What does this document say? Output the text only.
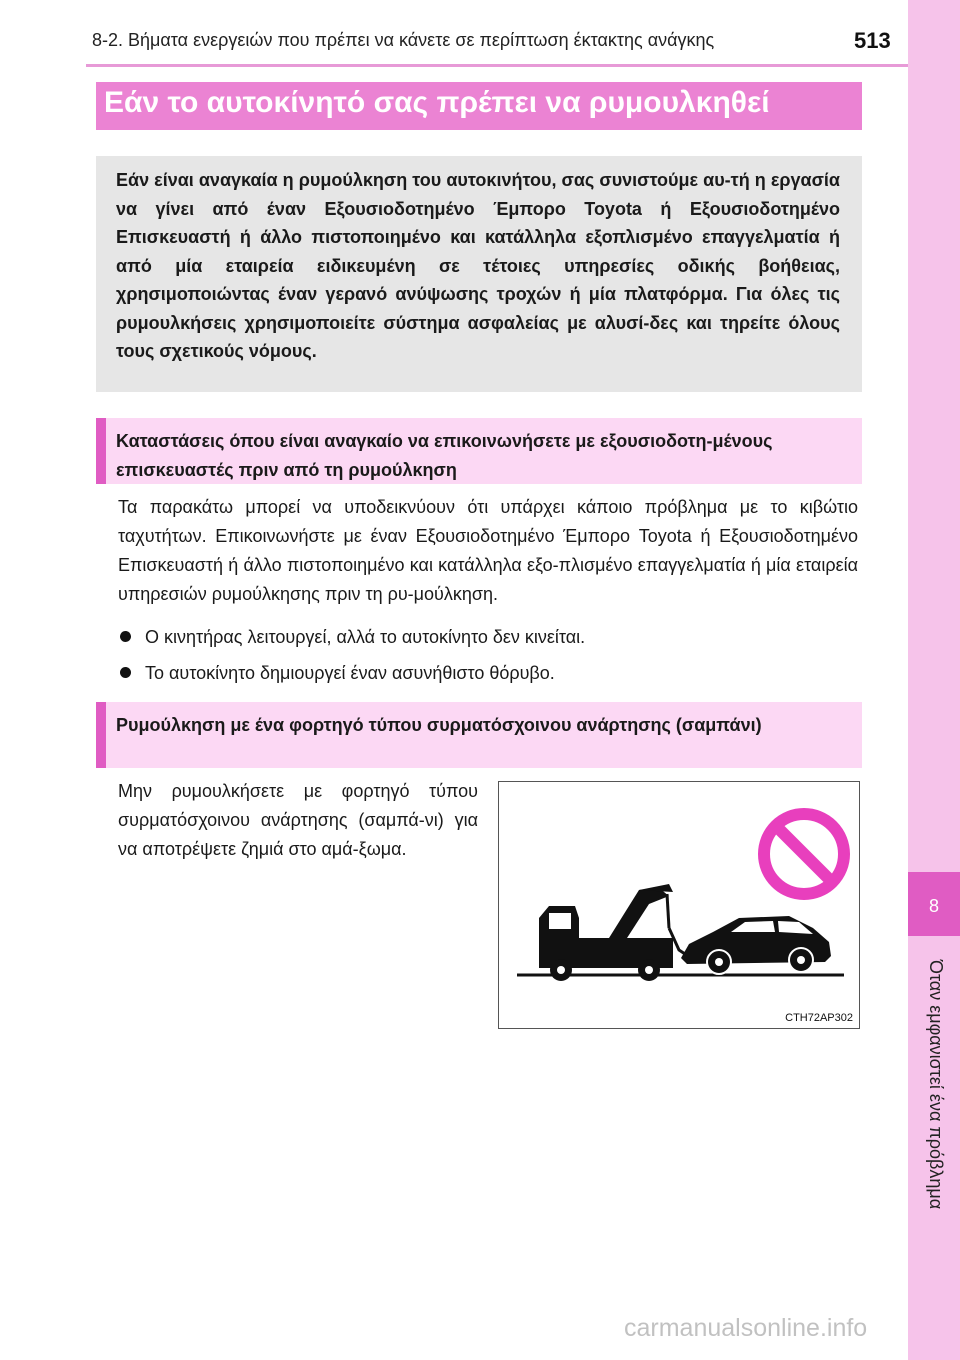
8-2. Βήματα ενεργειών που πρέπει να κάνετε σε περίπτωση έκτακτης ανάγκης	513
8
Όταν εμφανιστεί ένα πρόβλημα
Εάν το αυτοκίνητό σας πρέπει να ρυμουλκηθεί

Εάν είναι αναγκαία η ρυμούλκηση του αυτοκινήτου, σας συνιστούμε αυ-τή η εργασία να γίνει από έναν Εξουσιοδοτημένο Έμπορο Toyota ή Εξουσιοδοτημένο Επισκευαστή ή άλλο πιστοποιημένο και κατάλληλα εξοπλισμένο επαγγελματία ή από μία εταιρεία ειδικευμένη σε τέτοιες υπηρεσίες οδικής βοήθειας, χρησιμοποιώντας έναν γερανό ανύψωσης τροχών ή μία πλατφόρμα. Για όλες τις ρυμουλκήσεις χρησιμοποιείτε σύστημα ασφαλείας με αλυσί-δες και τηρείτε όλους τους σχετικούς νόμους.

Καταστάσεις όπου είναι αναγκαίο να επικοινωνήσετε με εξουσιοδοτη-μένους επισκευαστές πριν από τη ρυμούλκηση

Τα παρακάτω μπορεί να υποδεικνύουν ότι υπάρχει κάποιο πρόβλημα με το κιβώτιο ταχυτήτων. Επικοινωνήστε με έναν Εξουσιοδοτημένο Έμπορο Toyota ή Εξουσιοδοτημένο Επισκευαστή ή άλλο πιστοποιημένο και κατάλληλα εξο-πλισμένο επαγγελματία ή μία εταιρεία υπηρεσιών ρυμούλκησης πριν τη ρυ-μούλκηση.

Ο κινητήρας λειτουργεί, αλλά το αυτοκίνητο δεν κινείται.
Το αυτοκίνητο δημιουργεί έναν ασυνήθιστο θόρυβο.
Ρυμούλκηση με ένα φορτηγό τύπου συρματόσχοινου ανάρτησης (σαμπάνι)

Μην ρυμουλκήσετε με φορτηγό τύπου συρματόσχοινου ανάρτησης (σαμπά-νι) για να αποτρέψετε ζημιά στο αμά-ξωμα.

CTH72AP302
carmanualsonline.info
